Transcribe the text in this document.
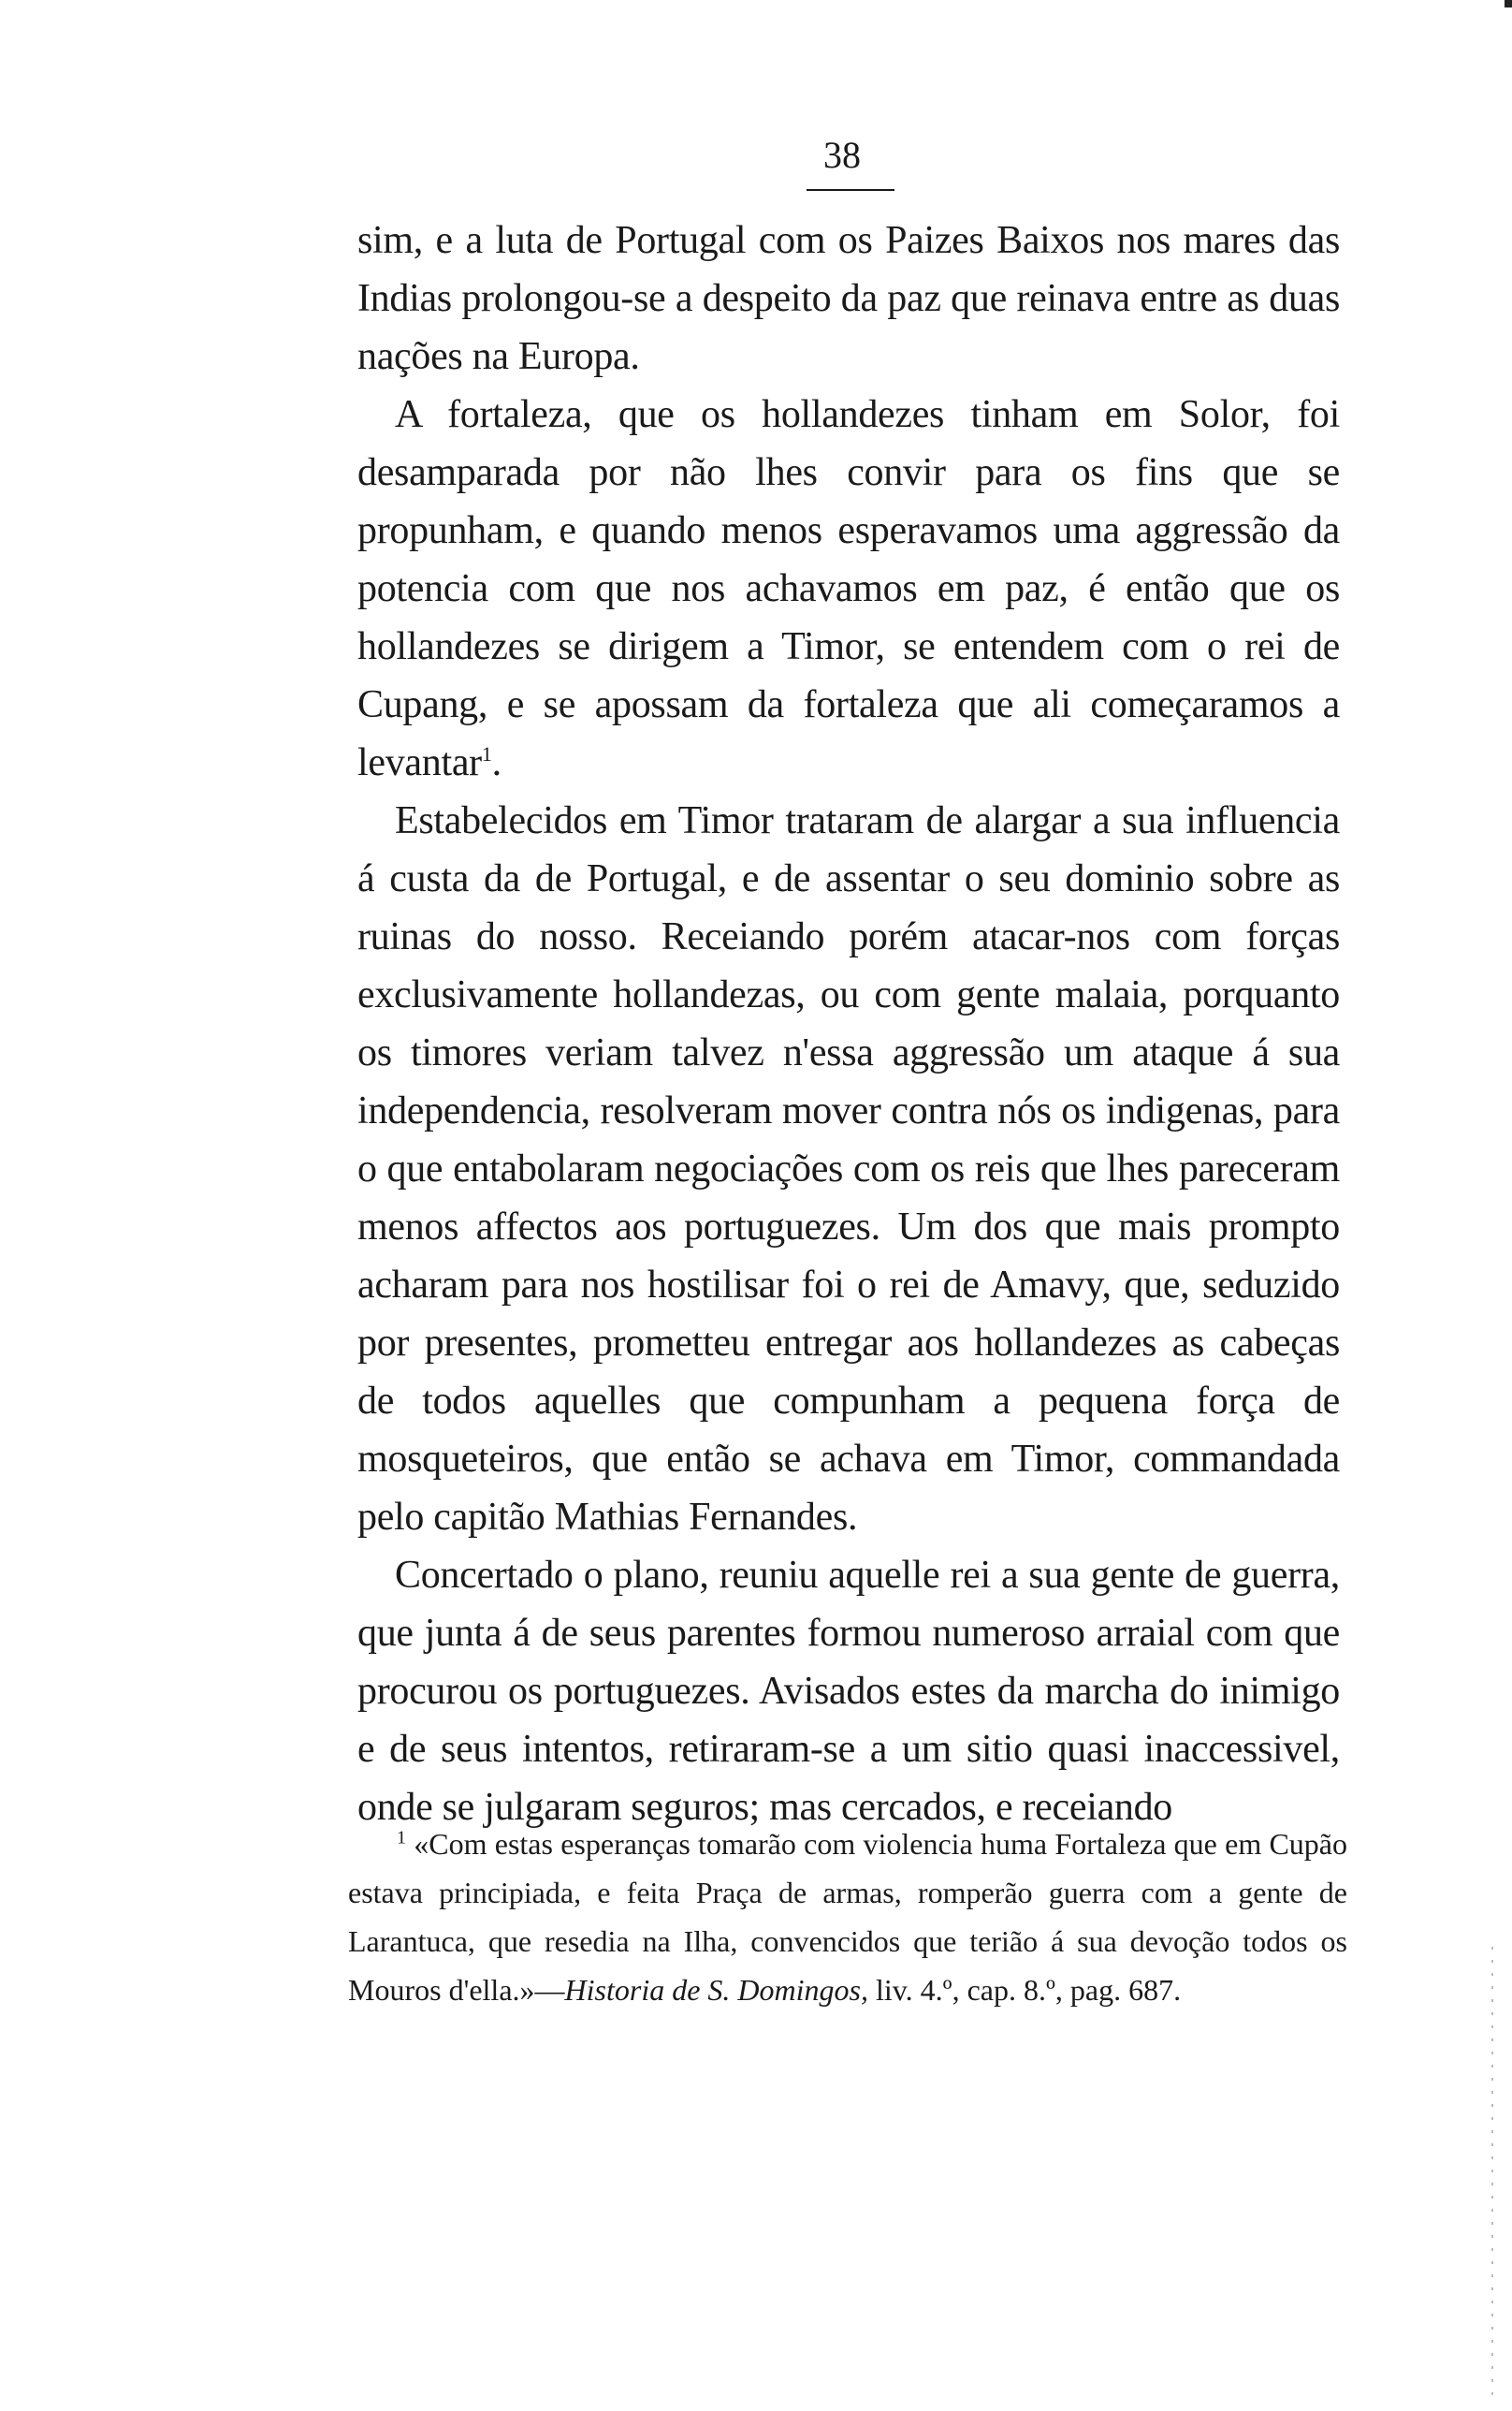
38

sim, e a luta de Portugal com os Paizes Baixos nos mares das Indias prolongou-se a despeito da paz que reinava entre as duas nações na Europa.

A fortaleza, que os hollandezes tinham em Solor, foi desamparada por não lhes convir para os fins que se propunham, e quando menos esperavamos uma aggressão da potencia com que nos achavamos em paz, é então que os hollandezes se dirigem a Timor, se entendem com o rei de Cupang, e se apossam da fortaleza que ali começaramos a levantar$^1$.

Estabelecidos em Timor trataram de alargar a sua influencia á custa da de Portugal, e de assentar o seu dominio sobre as ruinas do nosso. Receiando porém atacar-nos com forças exclusivamente hollandezas, ou com gente malaia, porquanto os timores veriam talvez n'essa aggressão um ataque á sua independencia, resolveram mover contra nós os indigenas, para o que entabolaram negociações com os reis que lhes pareceram menos affectos aos portuguezes. Um dos que mais prompto acharam para nos hostilisar foi o rei de Amavy, que, seduzido por presentes, prometteu entregar aos hollandezes as cabeças de todos aquelles que compunham a pequena força de mosqueteiros, que então se achava em Timor, commandada pelo capitão Mathias Fernandes.

Concertado o plano, reuniu aquelle rei a sua gente de guerra, que junta á de seus parentes formou numeroso arraial com que procurou os portuguezes. Avisados estes da marcha do inimigo e de seus intentos, retiraram-se a um sitio quasi inaccessivel, onde se julgaram seguros; mas cercados, e receiando

$^1$ «Com estas esperanças tomarão com violencia huma Fortaleza que em Cupão estava principiada, e feita Praça de armas, romperão guerra com a gente de Larantuca, que resedia na Ilha, convencidos que terião á sua devoção todos os Mouros d'ella.»—Historia de S. Domingos, liv. 4.º, cap. 8.º, pag. 687.
